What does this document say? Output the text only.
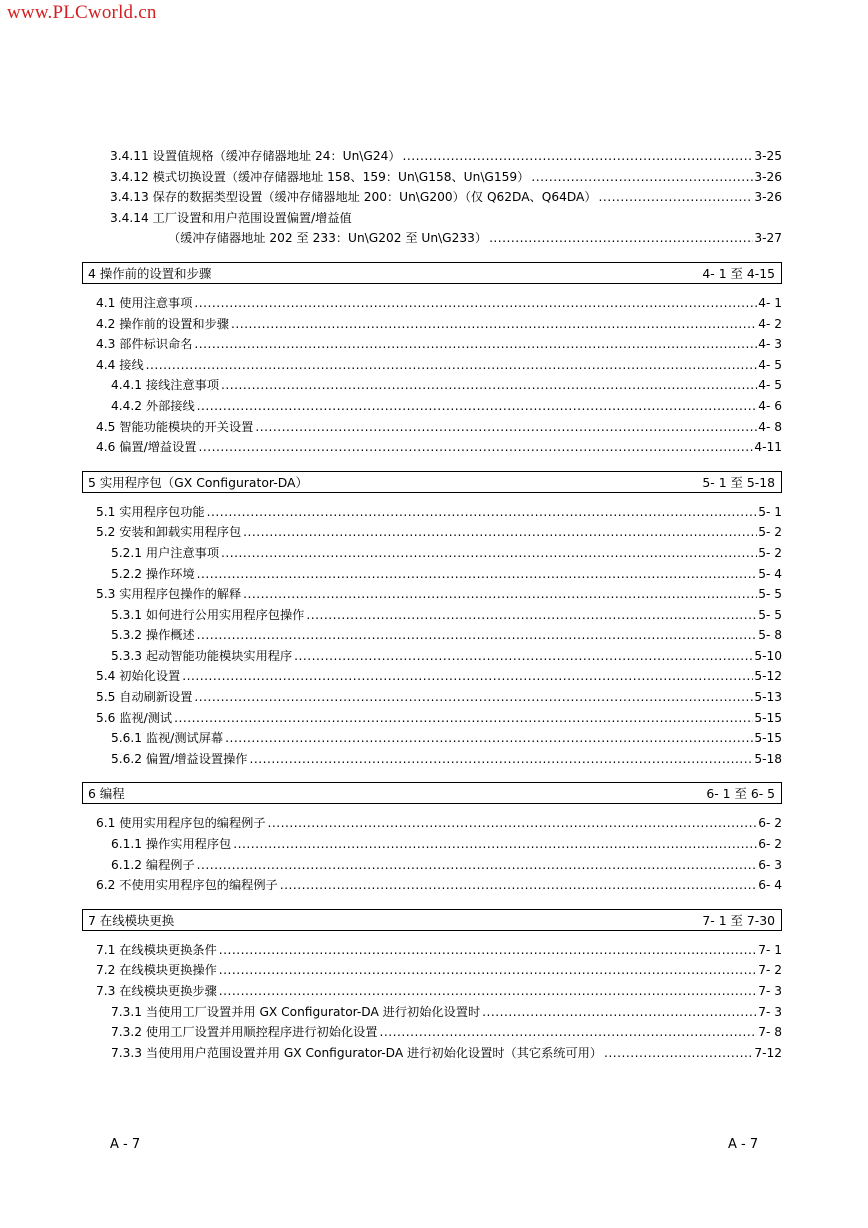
www.PLCworld.cn
3.4.11 设置值规格（缓冲存储器地址 24：Un\G24） .....	3-25
3.4.12 模式切换设置（缓冲存储器地址 158、159：Un\G158、Un\G159） .....	3-26
3.4.13 保存的数据类型设置（缓冲存储器地址 200：Un\G200）（仅 Q62DA、Q64DA） .....	3-26
3.4.14 工厂设置和用户范围设置偏置/增益值
（缓冲存储器地址 202 至 233：Un\G202 至 Un\G233） .....	3-27
4 操作前的设置和步骤	4- 1 至 4-15
4.1 使用注意事项 .....	4- 1
4.2 操作前的设置和步骤 .....	4- 2
4.3 部件标识命名 .....	4- 3
4.4 接线 .....	4- 5
4.4.1 接线注意事项 .....	4- 5
4.4.2 外部接线 .....	4- 6
4.5 智能功能模块的开关设置 .....	4- 8
4.6 偏置/增益设置 .....	4-11
5 实用程序包（GX Configurator-DA）	5- 1 至 5-18
5.1 实用程序包功能 .....	5- 1
5.2 安装和卸载实用程序包 .....	5- 2
5.2.1 用户注意事项 .....	5- 2
5.2.2 操作环境 .....	5- 4
5.3 实用程序包操作的解释 .....	5- 5
5.3.1 如何进行公用实用程序包操作 .....	5- 5
5.3.2 操作概述 .....	5- 8
5.3.3 起动智能功能模块实用程序 .....	5-10
5.4 初始化设置 .....	5-12
5.5 自动刷新设置 .....	5-13
5.6 监视/测试 .....	5-15
5.6.1 监视/测试屏幕 .....	5-15
5.6.2 偏置/增益设置操作 .....	5-18
6 编程	6- 1 至 6- 5
6.1 使用实用程序包的编程例子 .....	6- 2
6.1.1 操作实用程序包 .....	6- 2
6.1.2 编程例子 .....	6- 3
6.2 不使用实用程序包的编程例子 .....	6- 4
7 在线模块更换	7- 1 至 7-30
7.1 在线模块更换条件 .....	7- 1
7.2 在线模块更换操作 .....	7- 2
7.3 在线模块更换步骤 .....	7- 3
7.3.1 当使用工厂设置并用 GX Configurator-DA 进行初始化设置时 .....	7- 3
7.3.2 使用工厂设置并用顺控程序进行初始化设置 .....	7- 8
7.3.3 当使用用户范围设置并用 GX Configurator-DA 进行初始化设置时（其它系统可用） .....	7-12
A - 7	A - 7
